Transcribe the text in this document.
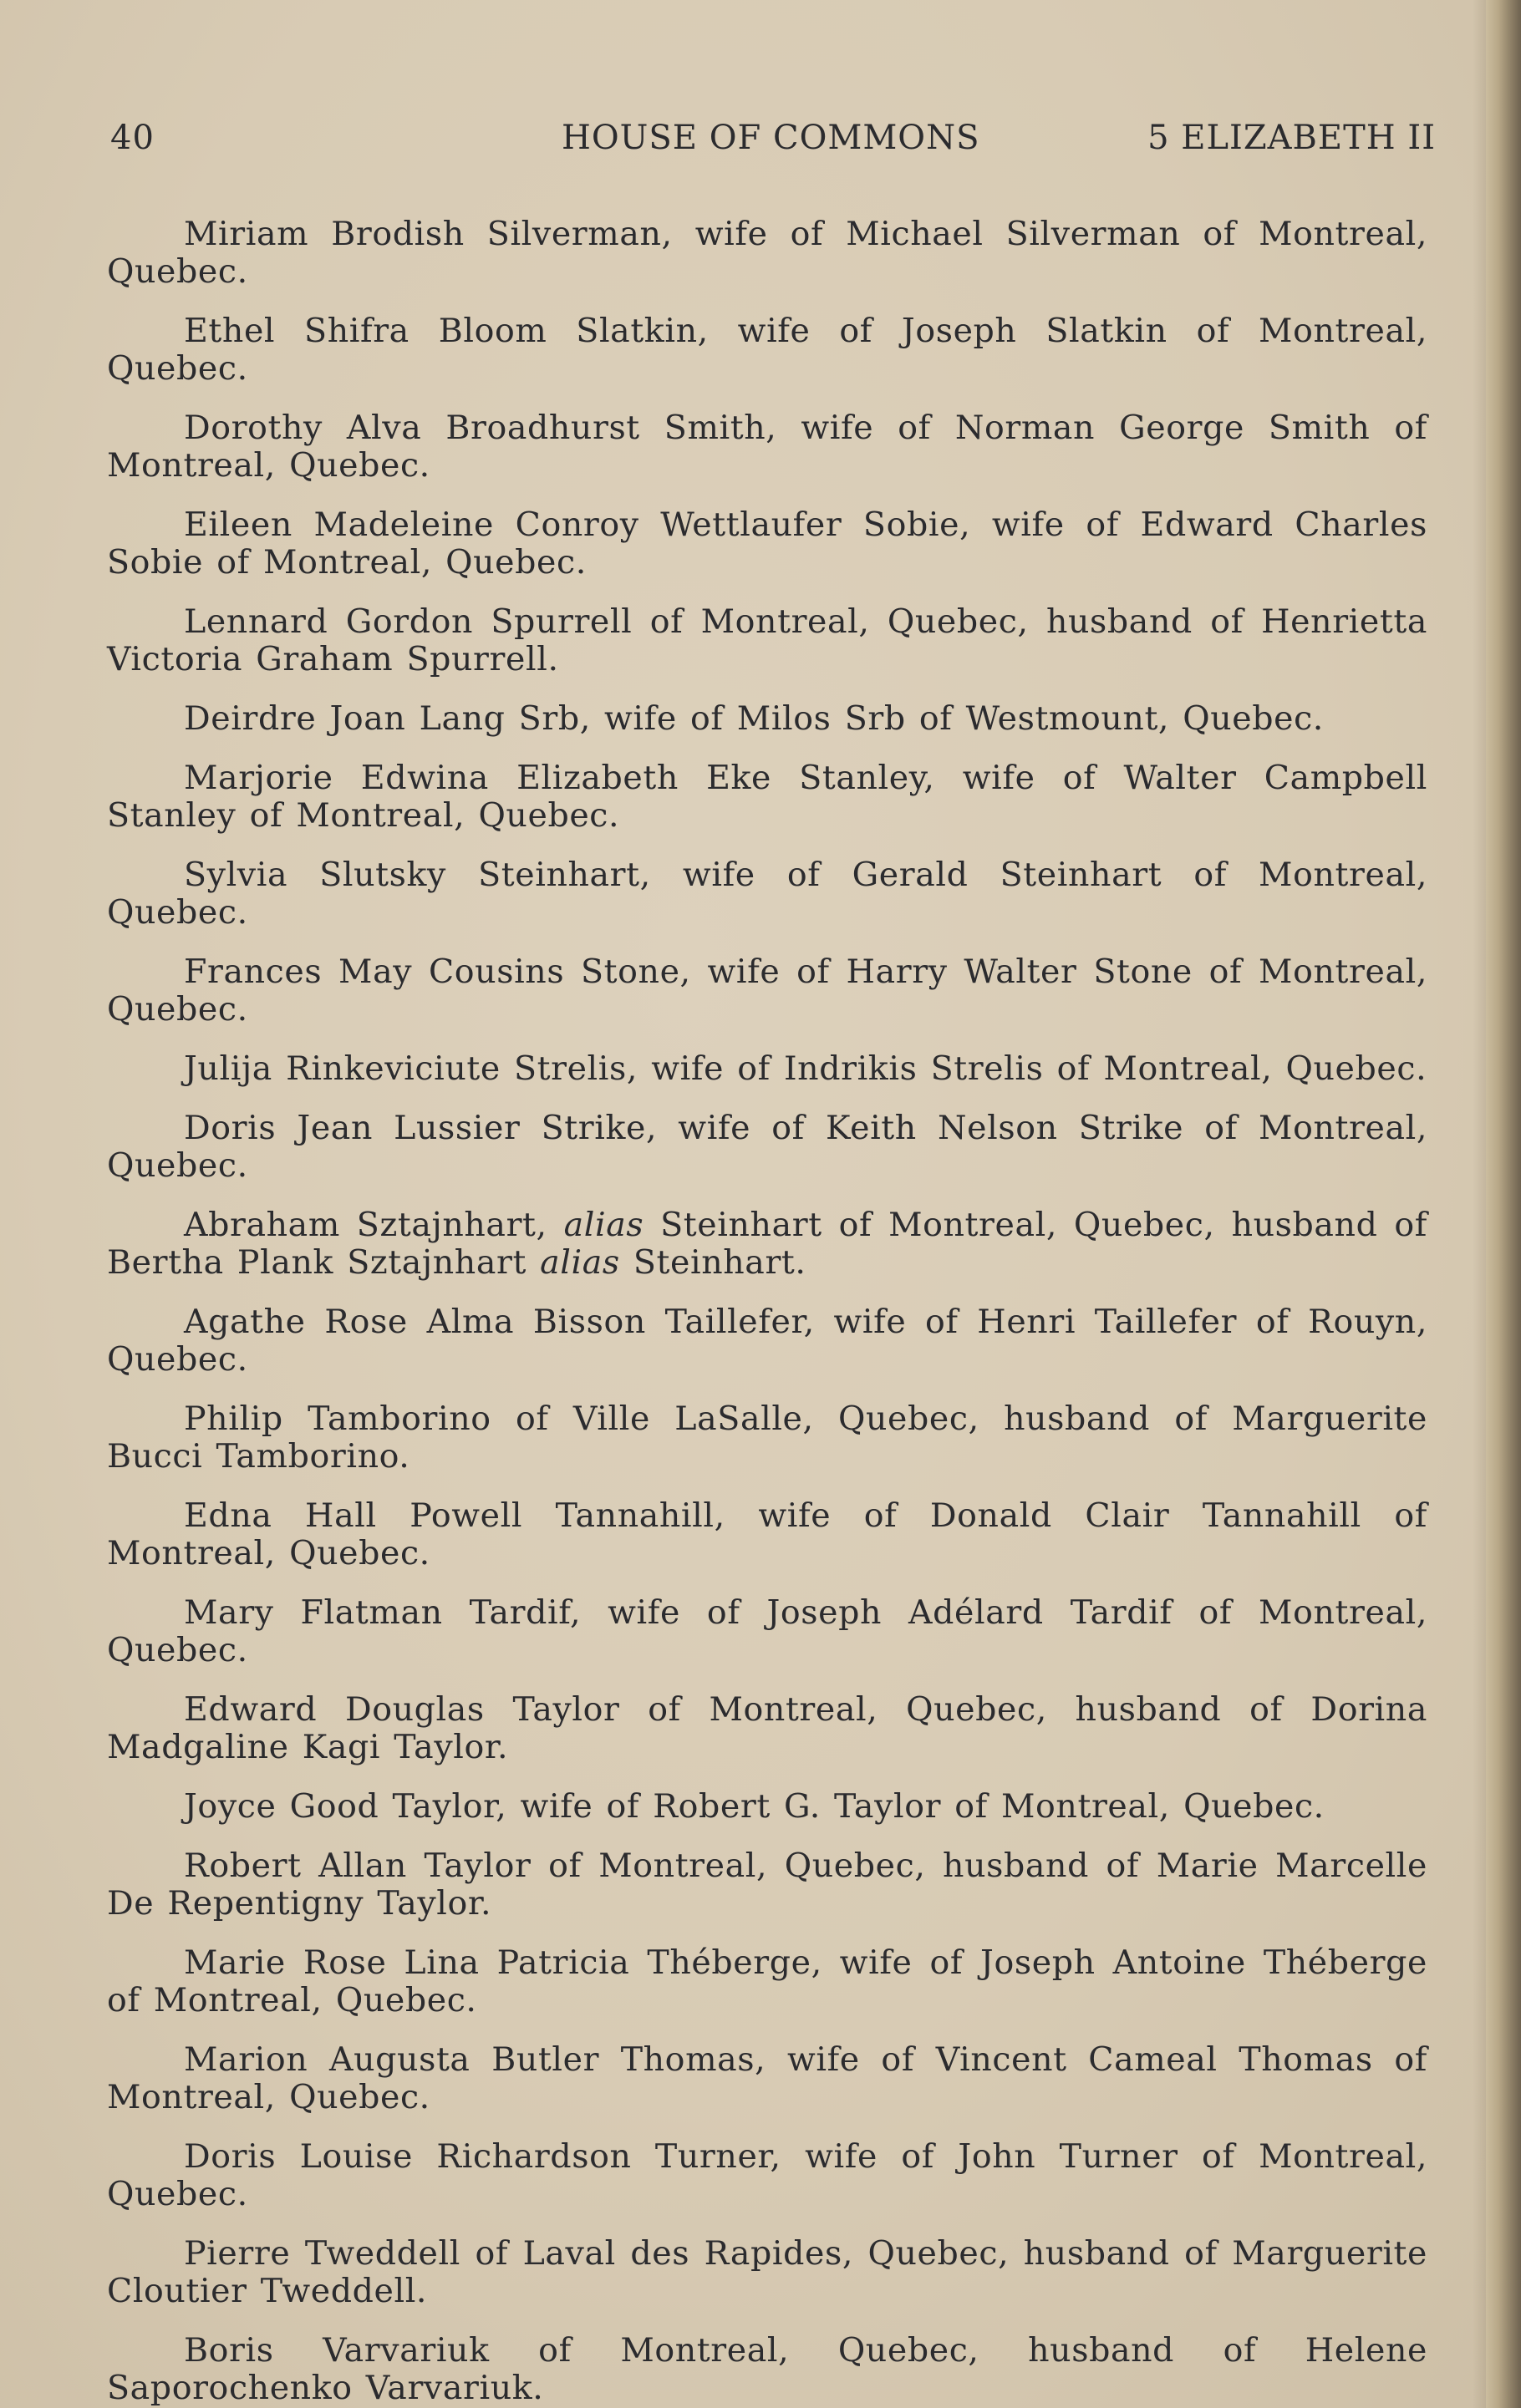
40	HOUSE OF COMMONS	5 ELIZABETH II

Miriam Brodish Silverman, wife of Michael Silverman of Montreal, Quebec.

Ethel Shifra Bloom Slatkin, wife of Joseph Slatkin of Montreal, Quebec.

Dorothy Alva Broadhurst Smith, wife of Norman George Smith of Montreal, Quebec.

Eileen Madeleine Conroy Wettlaufer Sobie, wife of Edward Charles Sobie of Montreal, Quebec.

Lennard Gordon Spurrell of Montreal, Quebec, husband of Henrietta Victoria Graham Spurrell.

Deirdre Joan Lang Srb, wife of Milos Srb of Westmount, Quebec.

Marjorie Edwina Elizabeth Eke Stanley, wife of Walter Campbell Stanley of Montreal, Quebec.

Sylvia Slutsky Steinhart, wife of Gerald Steinhart of Montreal, Quebec.

Frances May Cousins Stone, wife of Harry Walter Stone of Montreal, Quebec.

Julija Rinkeviciute Strelis, wife of Indrikis Strelis of Montreal, Quebec.

Doris Jean Lussier Strike, wife of Keith Nelson Strike of Montreal, Quebec.

Abraham Sztajnhart, alias Steinhart of Montreal, Quebec, husband of Bertha Plank Sztajnhart alias Steinhart.

Agathe Rose Alma Bisson Taillefer, wife of Henri Taillefer of Rouyn, Quebec.

Philip Tamborino of Ville LaSalle, Quebec, husband of Marguerite Bucci Tamborino.

Edna Hall Powell Tannahill, wife of Donald Clair Tannahill of Montreal, Quebec.

Mary Flatman Tardif, wife of Joseph Adélard Tardif of Montreal, Quebec.

Edward Douglas Taylor of Montreal, Quebec, husband of Dorina Madgaline Kagi Taylor.

Joyce Good Taylor, wife of Robert G. Taylor of Montreal, Quebec.

Robert Allan Taylor of Montreal, Quebec, husband of Marie Marcelle De Repentigny Taylor.

Marie Rose Lina Patricia Théberge, wife of Joseph Antoine Théberge of Montreal, Quebec.

Marion Augusta Butler Thomas, wife of Vincent Cameal Thomas of Montreal, Quebec.

Doris Louise Richardson Turner, wife of John Turner of Montreal, Quebec.

Pierre Tweddell of Laval des Rapides, Quebec, husband of Marguerite Cloutier Tweddell.

Boris Varvariuk of Montreal, Quebec, husband of Helene Saporochenko Varvariuk.
